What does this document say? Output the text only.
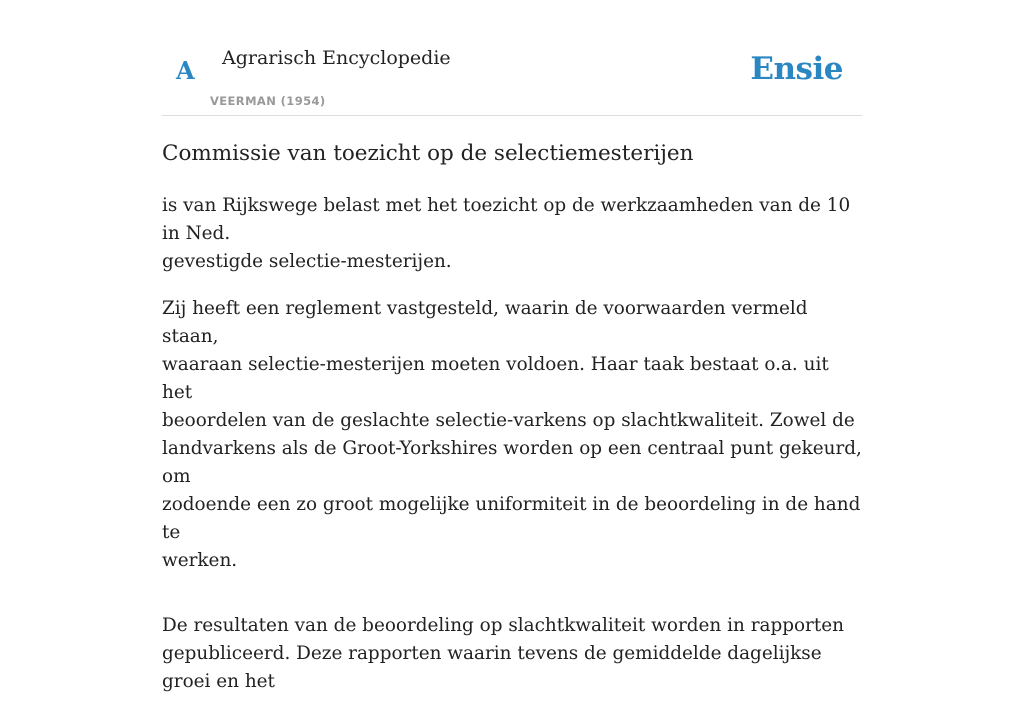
A Agrarisch Encyclopedie
VEERMAN (1954)
Ensie
Commissie van toezicht op de selectiemesterijen

is van Rijkswege belast met het toezicht op de werkzaamheden van de 10 in Ned.
gevestigde selectie-mesterijen.

Zij heeft een reglement vastgesteld, waarin de voorwaarden vermeld staan,
waaraan selectie-mesterijen moeten voldoen. Haar taak bestaat o.a. uit het
beoordelen van de geslachte selectie-varkens op slachtkwaliteit. Zowel de
landvarkens als de Groot-Yorkshires worden op een centraal punt gekeurd, om
zodoende een zo groot mogelijke uniformiteit in de beoordeling in de hand te
werken.

De resultaten van de beoordeling op slachtkwaliteit worden in rapporten
gepubliceerd. Deze rapporten waarin tevens de gemiddelde dagelijkse groei en het
